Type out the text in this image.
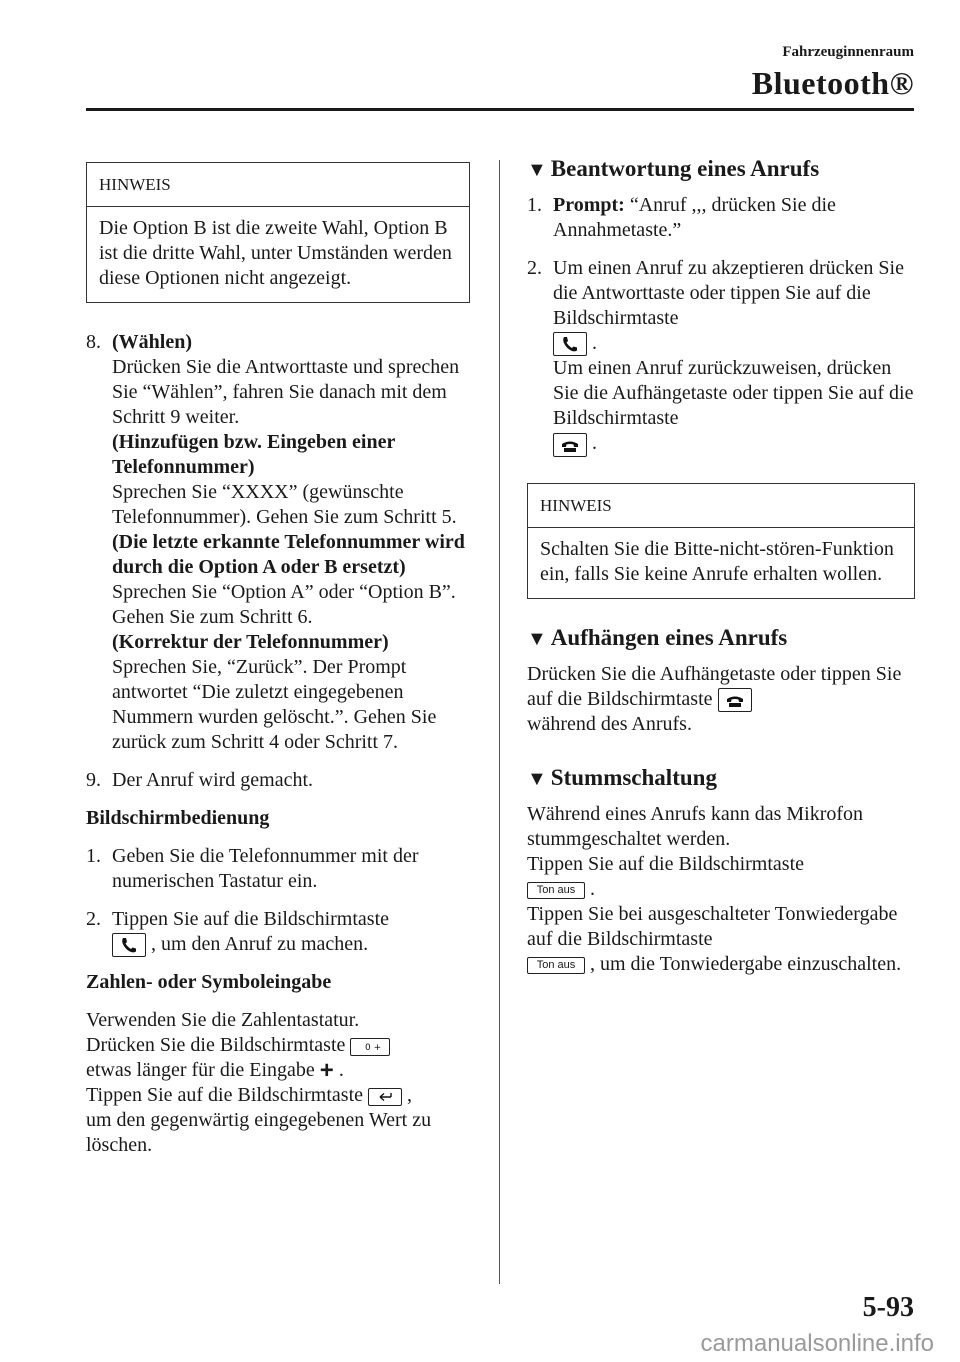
Fahrzeuginnenraum
Bluetooth®
HINWEIS
Die Option B ist die zweite Wahl, Option B ist die dritte Wahl, unter Umständen werden diese Optionen nicht angezeigt.
8. (Wählen)
Drücken Sie die Antworttaste und sprechen Sie “Wählen”, fahren Sie danach mit dem Schritt 9 weiter.
(Hinzufügen bzw. Eingeben einer Telefonnummer)
Sprechen Sie “XXXX” (gewünschte Telefonnummer). Gehen Sie zum Schritt 5.
(Die letzte erkannte Telefonnummer wird durch die Option A oder B ersetzt)
Sprechen Sie “Option A” oder “Option B”. Gehen Sie zum Schritt 6.
(Korrektur der Telefonnummer)
Sprechen Sie, “Zurück”. Der Prompt antwortet “Die zuletzt eingegebenen Nummern wurden gelöscht.”. Gehen Sie zurück zum Schritt 4 oder Schritt 7.
9. Der Anruf wird gemacht.
Bildschirmbedienung
1. Geben Sie die Telefonnummer mit der numerischen Tastatur ein.
2. Tippen Sie auf die Bildschirmtaste

, um den Anruf zu machen.
Zahlen- oder Symboleingabe
Verwenden Sie die Zahlentastatur.
Drücken Sie die Bildschirmtaste 0 +
etwas länger für die Eingabe + .
Tippen Sie auf die Bildschirmtaste ,
um den gegenwärtig eingegebenen Wert zu löschen.
▼ Beantwortung eines Anrufs
1. Prompt: “Anruf ,,, drücken Sie die Annahmetaste.”
2. Um einen Anruf zu akzeptieren drücken Sie die Antworttaste oder tippen Sie auf die Bildschirmtaste
.
Um einen Anruf zurückzuweisen, drücken Sie die Aufhängetaste oder tippen Sie auf die Bildschirmtaste
.
HINWEIS
Schalten Sie die Bitte-nicht-stören-Funktion ein, falls Sie keine Anrufe erhalten wollen.
▼ Aufhängen eines Anrufs
Drücken Sie die Aufhängetaste oder tippen Sie auf die Bildschirmtaste

während des Anrufs.
▼ Stummschaltung
Während eines Anrufs kann das Mikrofon stummgeschaltet werden.
Tippen Sie auf die Bildschirmtaste
Ton aus .
Tippen Sie bei ausgeschalteter Tonwiedergabe auf die Bildschirmtaste
Ton aus , um die Tonwiedergabe einzuschalten.
5-93
carmanualsonline.info
